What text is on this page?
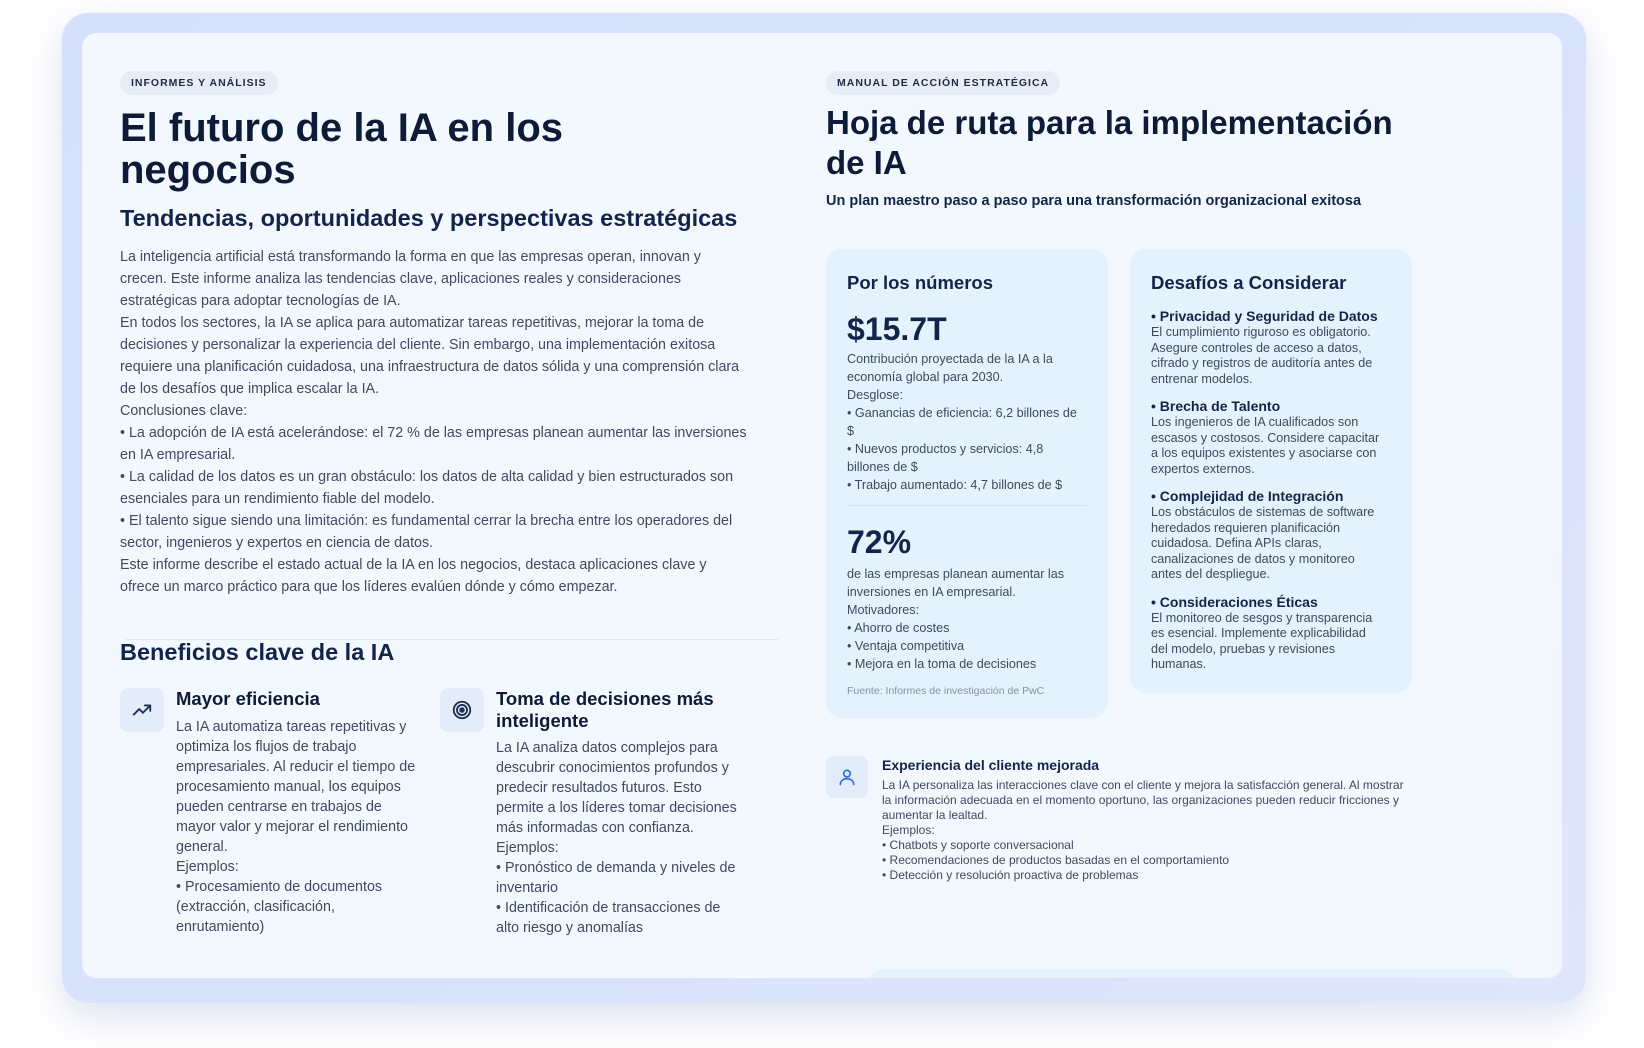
INFORMES Y ANÁLISIS
El futuro de la IA en los
negocios
Tendencias, oportunidades y perspectivas estratégicas
La inteligencia artificial está transformando la forma en que las empresas operan, innovan y
crecen. Este informe analiza las tendencias clave, aplicaciones reales y consideraciones
estratégicas para adoptar tecnologías de IA.
En todos los sectores, la IA se aplica para automatizar tareas repetitivas, mejorar la toma de
decisiones y personalizar la experiencia del cliente. Sin embargo, una implementación exitosa
requiere una planificación cuidadosa, una infraestructura de datos sólida y una comprensión clara
de los desafíos que implica escalar la IA.
Conclusiones clave:
• La adopción de IA está acelerándose: el 72 % de las empresas planean aumentar las inversiones
en IA empresarial.
• La calidad de los datos es un gran obstáculo: los datos de alta calidad y bien estructurados son
esenciales para un rendimiento fiable del modelo.
• El talento sigue siendo una limitación: es fundamental cerrar la brecha entre los operadores del
sector, ingenieros y expertos en ciencia de datos.
Este informe describe el estado actual de la IA en los negocios, destaca aplicaciones clave y
ofrece un marco práctico para que los líderes evalúen dónde y cómo empezar.
Beneficios clave de la IA
Mayor eficiencia
La IA automatiza tareas repetitivas y
optimiza los flujos de trabajo
empresariales. Al reducir el tiempo de
procesamiento manual, los equipos
pueden centrarse en trabajos de
mayor valor y mejorar el rendimiento
general.
Ejemplos:
• Procesamiento de documentos
(extracción, clasificación,
enrutamiento)
Toma de decisiones más
inteligente
La IA analiza datos complejos para
descubrir conocimientos profundos y
predecir resultados futuros. Esto
permite a los líderes tomar decisiones
más informadas con confianza.
Ejemplos:
• Pronóstico de demanda y niveles de
inventario
• Identificación de transacciones de
alto riesgo y anomalías
MANUAL DE ACCIÓN ESTRATÉGICA
Hoja de ruta para la implementación
de IA
Un plan maestro paso a paso para una transformación organizacional exitosa
Por los números
$15.7T
Contribución proyectada de la IA a la
economía global para 2030.
Desglose:
• Ganancias de eficiencia: 6,2 billones de
$
• Nuevos productos y servicios: 4,8
billones de $
• Trabajo aumentado: 4,7 billones de $
72%
de las empresas planean aumentar las
inversiones en IA empresarial.
Motivadores:
• Ahorro de costes
• Ventaja competitiva
• Mejora en la toma de decisiones
Fuente: Informes de investigación de PwC
Desafíos a Considerar
• Privacidad y Seguridad de Datos
El cumplimiento riguroso es obligatorio.
Asegure controles de acceso a datos,
cifrado y registros de auditoría antes de
entrenar modelos.
• Brecha de Talento
Los ingenieros de IA cualificados son
escasos y costosos. Considere capacitar
a los equipos existentes y asociarse con
expertos externos.
• Complejidad de Integración
Los obstáculos de sistemas de software
heredados requieren planificación
cuidadosa. Defina APIs claras,
canalizaciones de datos y monitoreo
antes del despliegue.
• Consideraciones Éticas
El monitoreo de sesgos y transparencia
es esencial. Implemente explicabilidad
del modelo, pruebas y revisiones
humanas.
Experiencia del cliente mejorada
La IA personaliza las interacciones clave con el cliente y mejora la satisfacción general. Al mostrar
la información adecuada en el momento oportuno, las organizaciones pueden reducir fricciones y
aumentar la lealtad.
Ejemplos:
• Chatbots y soporte conversacional
• Recomendaciones de productos basadas en el comportamiento
• Detección y resolución proactiva de problemas
